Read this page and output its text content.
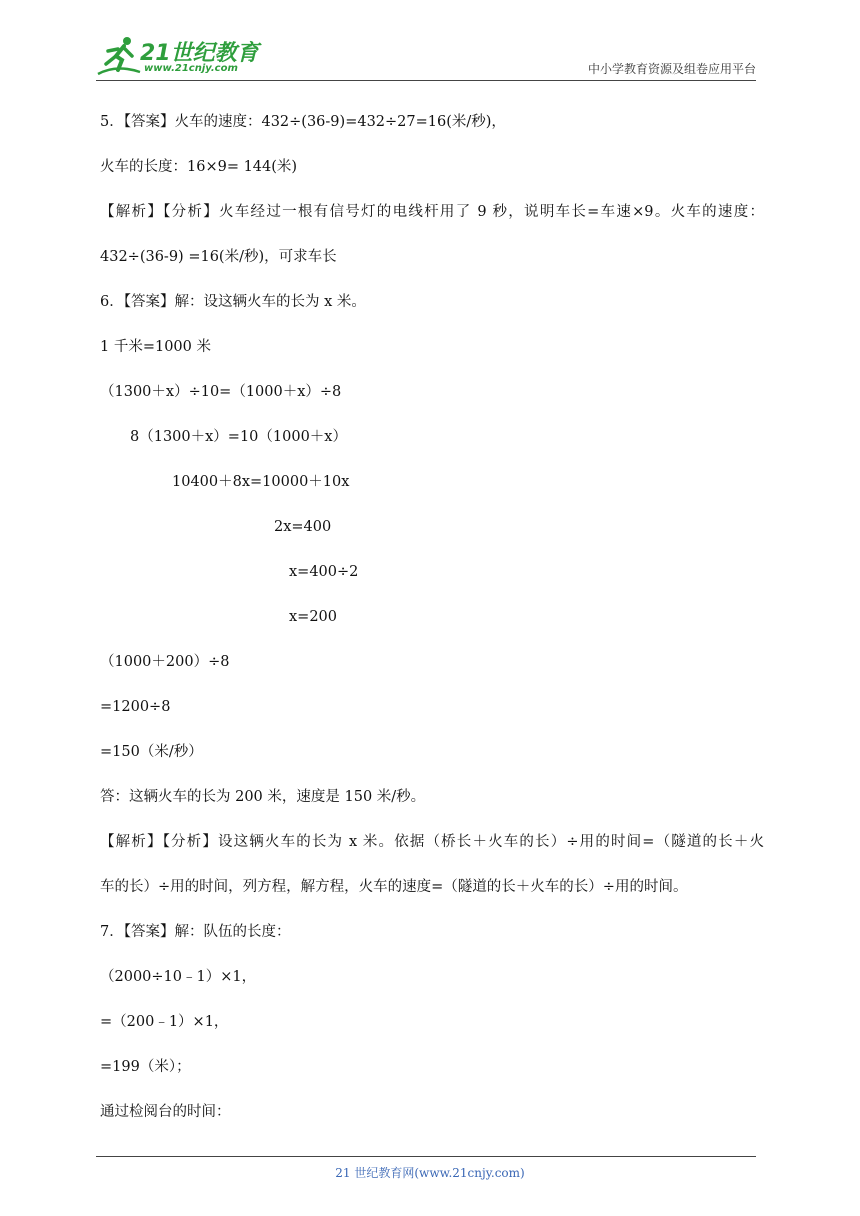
21世纪教育
www.21cnjy.com	中小学教育资源及组卷应用平台
5．【答案】火车的速度：432÷(36-9)=432÷27=16(米/秒)，
火车的长度：16×9= 144(米)
【解析】【分析】火车经过一根有信号灯的电线杆用了 9 秒，说明车长=车速×9。火车的速度：
432÷(36-9) =16(米/秒)，可求车长
6．【答案】解：设这辆火车的长为 x 米。
1 千米=1000 米
（1300＋x）÷10=（1000＋x）÷8
8（1300＋x）=10（1000＋x）
10400＋8x=10000＋10x
2x=400
x=400÷2
x=200
（1000＋200）÷8
=1200÷8
=150（米/秒）
答：这辆火车的长为 200 米，速度是 150 米/秒。
【解析】【分析】设这辆火车的长为 x 米。依据（桥长＋火车的长）÷用的时间=（隧道的长＋火
车的长）÷用的时间，列方程，解方程，火车的速度=（隧道的长＋火车的长）÷用的时间。
7．【答案】解：队伍的长度：
（2000÷10﹣1）×1，
=（200﹣1）×1，
=199（米）；
通过检阅台的时间：
21 世纪教育网(www.21cnjy.com)
